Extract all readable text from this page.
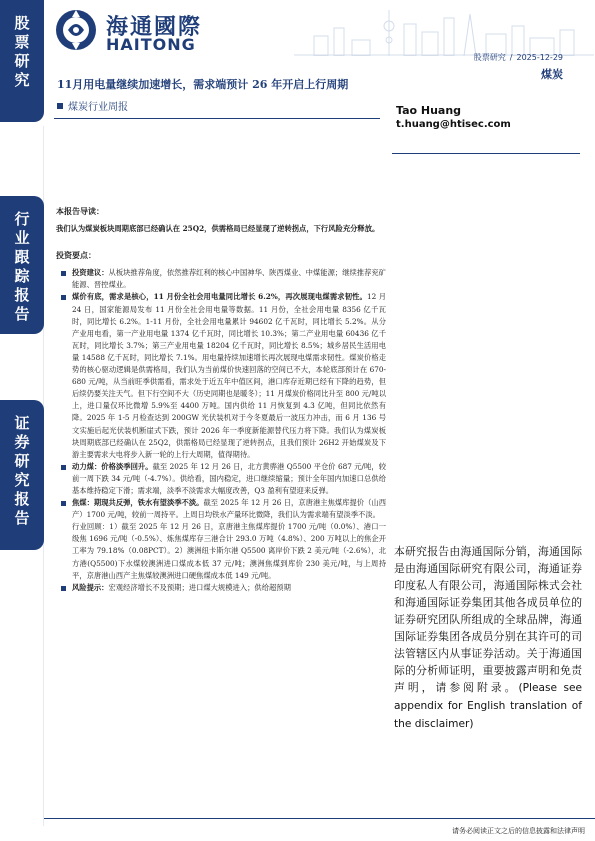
股
票
研
究
行
业
跟
踪
报
告
证
券
研
究
报
告
海通國際
HAITONG
股票研究 / 2025-12-29
煤炭
11月用电量继续加速增长，需求端预计 26 年开启上行周期
煤炭行业周报	Tao Huang
t.huang@htisec.com
本报告导读：

我们认为煤炭板块周期底部已经确认在 25Q2，供需格局已经显现了逆转拐点，下行风险充分释放。

投资要点：
投资建议：从板块推荐角度，依然推荐红利的核心中国神华、陕西煤业、中煤能源；继续推荐兖矿能源、晋控煤业。
煤价有底，需求是核心，11 月份全社会用电量同比增长 6.2%，再次展现电煤需求韧性。12 月 24 日，国家能源局发布 11 月份全社会用电量等数据。11 月份，全社会用电量 8356 亿千瓦时，同比增长 6.2%。1-11 月份，全社会用电量累计 94602 亿千瓦时，同比增长 5.2%。从分产业用电看，第一产业用电量 1374 亿千瓦时，同比增长 10.3%；第二产业用电量 60436 亿千瓦时，同比增长 3.7%；第三产业用电量 18204 亿千瓦时，同比增长 8.5%；城乡居民生活用电量 14588 亿千瓦时，同比增长 7.1%。用电量持续加速增长再次展现电煤需求韧性。煤炭价格走势的核心驱动逻辑是供需格局，我们认为当前煤价快速回落的空间已不大，本轮底部预计在 670-680 元/吨，从当前旺季供需看，需求处于近五年中值区间，港口库存近期已经有下降的趋势，但后续仍要关注天气。但下行空间不大（历史同期也是暖冬）；11 月煤炭价格同比升至 800 元/吨以上，进口量仅环比微增 5.9%至 4400 万吨。国内供给 11 月恢复到 4.3 亿吨，但同比依然有降。2025 年 1-5 月检查达到 200GW 光伏装机对于今冬夏最后一波压力冲击，而 6 月 136 号文实施后起光伏装机断崖式下跌，预计 2026 年一季度新能源替代压力将下降。我们认为煤炭板块周期底部已经确认在 25Q2，供需格局已经显现了逆转拐点，且我们预计 26H2 开始煤炭及下游主要需求大电将步入新一轮的上行大周期，值得期待。
动力煤：价格淡季回升。截至 2025 年 12 月 26 日，北方黄骅港 Q5500 平仓价 687 元/吨，较前一周下跌 34 元/吨（-4.7%）。供给看，国内稳定，进口继续缩量；预计全年国内加速口总供给基本维持稳定下滑；需求端，淡季不淡需求大幅度改善，Q3 盈利有望迎来反弹。
焦煤：期现共反弹，铁水有望淡季不淡。截至 2025 年 12 月 26 日，京唐港主焦煤库提价（山西产）1700 元/吨，较前一周持平。上周日均铁水产量环比微降，我们认为需求端有望淡季不淡。
行业回顾：1）截至 2025 年 12 月 26 日，京唐港主焦煤库提价 1700 元/吨（0.0%）、港口一级焦 1696 元/吨（-0.5%）、炼焦煤库存三港合计 293.0 万吨（4.8%）、200 万吨以上的焦企开工率为 79.18%（0.08PCT）。2）澳洲纽卡斯尔港 Q5500 离岸价下跌 2 美元/吨（-2.6%），北方港(Q5500)下水煤较澳洲进口煤成本低 37 元/吨；澳洲焦煤到库价 230 美元/吨，与上周持平，京唐港山西产主焦煤较澳洲进口硬焦煤成本低 149 元/吨。
风险提示：宏观经济增长不及预期；进口煤大规模进入；供给超预期
本研究报告由海通国际分销，海通国际是由海通国际研究有限公司，海通证券印度私人有限公司，海通国际株式会社和海通国际证券集团其他各成员单位的证券研究团队所组成的全球品牌，海通国际证券集团各成员分别在其许可的司法管辖区内从事证券活动。关于海通国际的分析师证明，重要披露声明和免责声明，请参阅附录。(Please see appendix for English translation of the disclaimer)
请务必阅读正文之后的信息披露和法律声明
